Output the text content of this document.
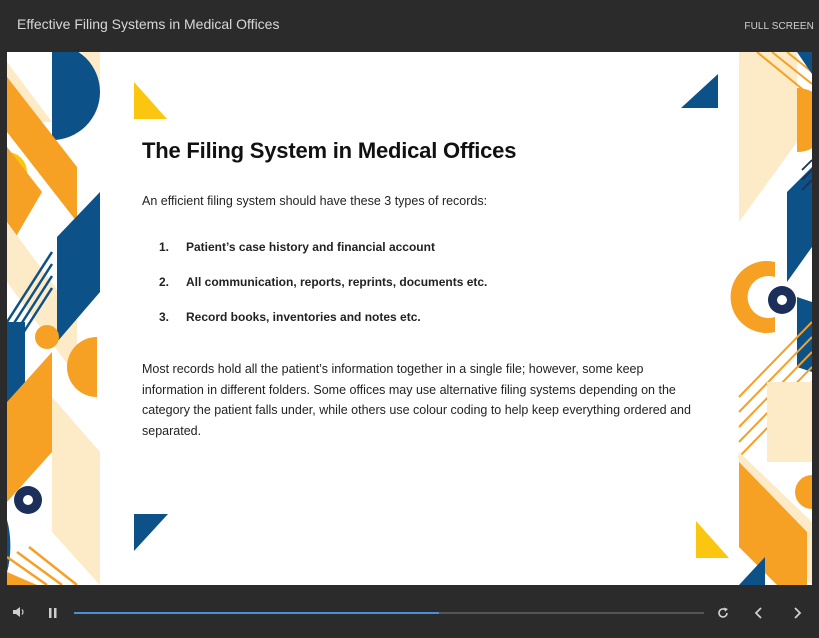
Effective Filing Systems in Medical Offices	FULL SCREEN
The Filing System in Medical Offices
An efficient filing system should have these 3 types of records:
1.	Patient’s case history and financial account
2.	All communication, reports, reprints, documents etc.
3.	Record books, inventories and notes etc.
Most records hold all the patient’s information together in a single file; however, some keep information in different folders. Some offices may use alternative filing systems depending on the category the patient falls under, while others use colour coding to help keep everything ordered and separated.
